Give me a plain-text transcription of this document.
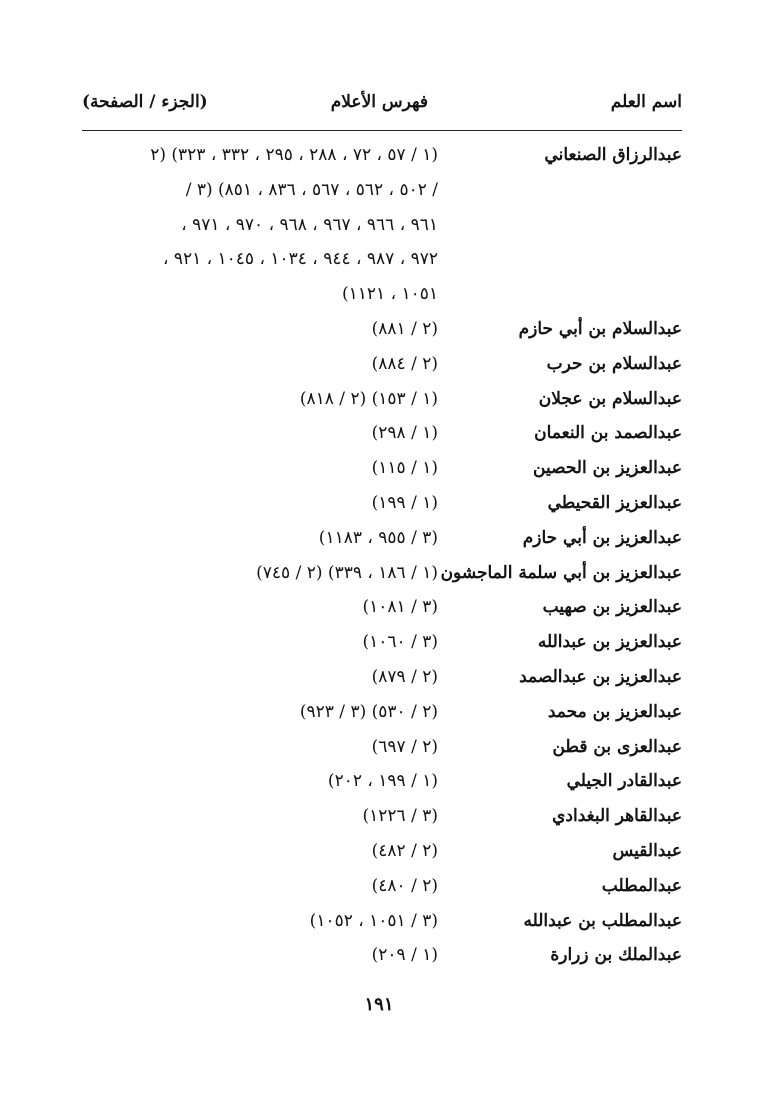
اسم العلم
فهرس الأعلام
(الجزء / الصفحة)
عبدالرزاق الصنعاني
(١ / ٥٧ ، ٧٢ ، ٢٨٨ ، ٢٩٥ ، ٣٣٢ ، ٣٢٣) (٢
/ ٥٠٢ ، ٥٦٢ ، ٥٦٧ ، ٨٣٦ ، ٨٥١) (٣ /
٩٦١ ، ٩٦٦ ، ٩٦٧ ، ٩٦٨ ، ٩٧٠ ، ٩٧١ ،
٩٧٢ ، ٩٨٧ ، ٩٤٤ ، ١٠٣٤ ، ١٠٤٥ ، ٩٢١ ،
١٠٥١ ، ١١٢١)
عبدالسلام بن أبي حازم
(٢ / ٨٨١)
عبدالسلام بن حرب
(٢ / ٨٨٤)
عبدالسلام بن عجلان
(١ / ١٥٣) (٢ / ٨١٨)
عبدالصمد بن النعمان
(١ / ٢٩٨)
عبدالعزيز بن الحصين
(١ / ١١٥)
عبدالعزيز القحيطي
(١ / ١٩٩)
عبدالعزيز بن أبي حازم
(٣ / ٩٥٥ ، ١١٨٣)
عبدالعزيز بن أبي سلمة الماجشون
(١ / ١٨٦ ، ٣٣٩) (٢ / ٧٤٥)
عبدالعزيز بن صهيب
(٣ / ١٠٨١)
عبدالعزيز بن عبدالله
(٣ / ١٠٦٠)
عبدالعزيز بن عبدالصمد
(٢ / ٨٧٩)
عبدالعزيز بن محمد
(٢ / ٥٣٠) (٣ / ٩٢٣)
عبدالعزى بن قطن
(٢ / ٦٩٧)
عبدالقادر الجيلي
(١ / ١٩٩ ، ٢٠٢)
عبدالقاهر البغدادي
(٣ / ١٢٢٦)
عبدالقيس
(٢ / ٤٨٢)
عبدالمطلب
(٢ / ٤٨٠)
عبدالمطلب بن عبدالله
(٣ / ١٠٥١ ، ١٠٥٢)
عبدالملك بن زرارة
(١ / ٢٠٩)
١٩١
